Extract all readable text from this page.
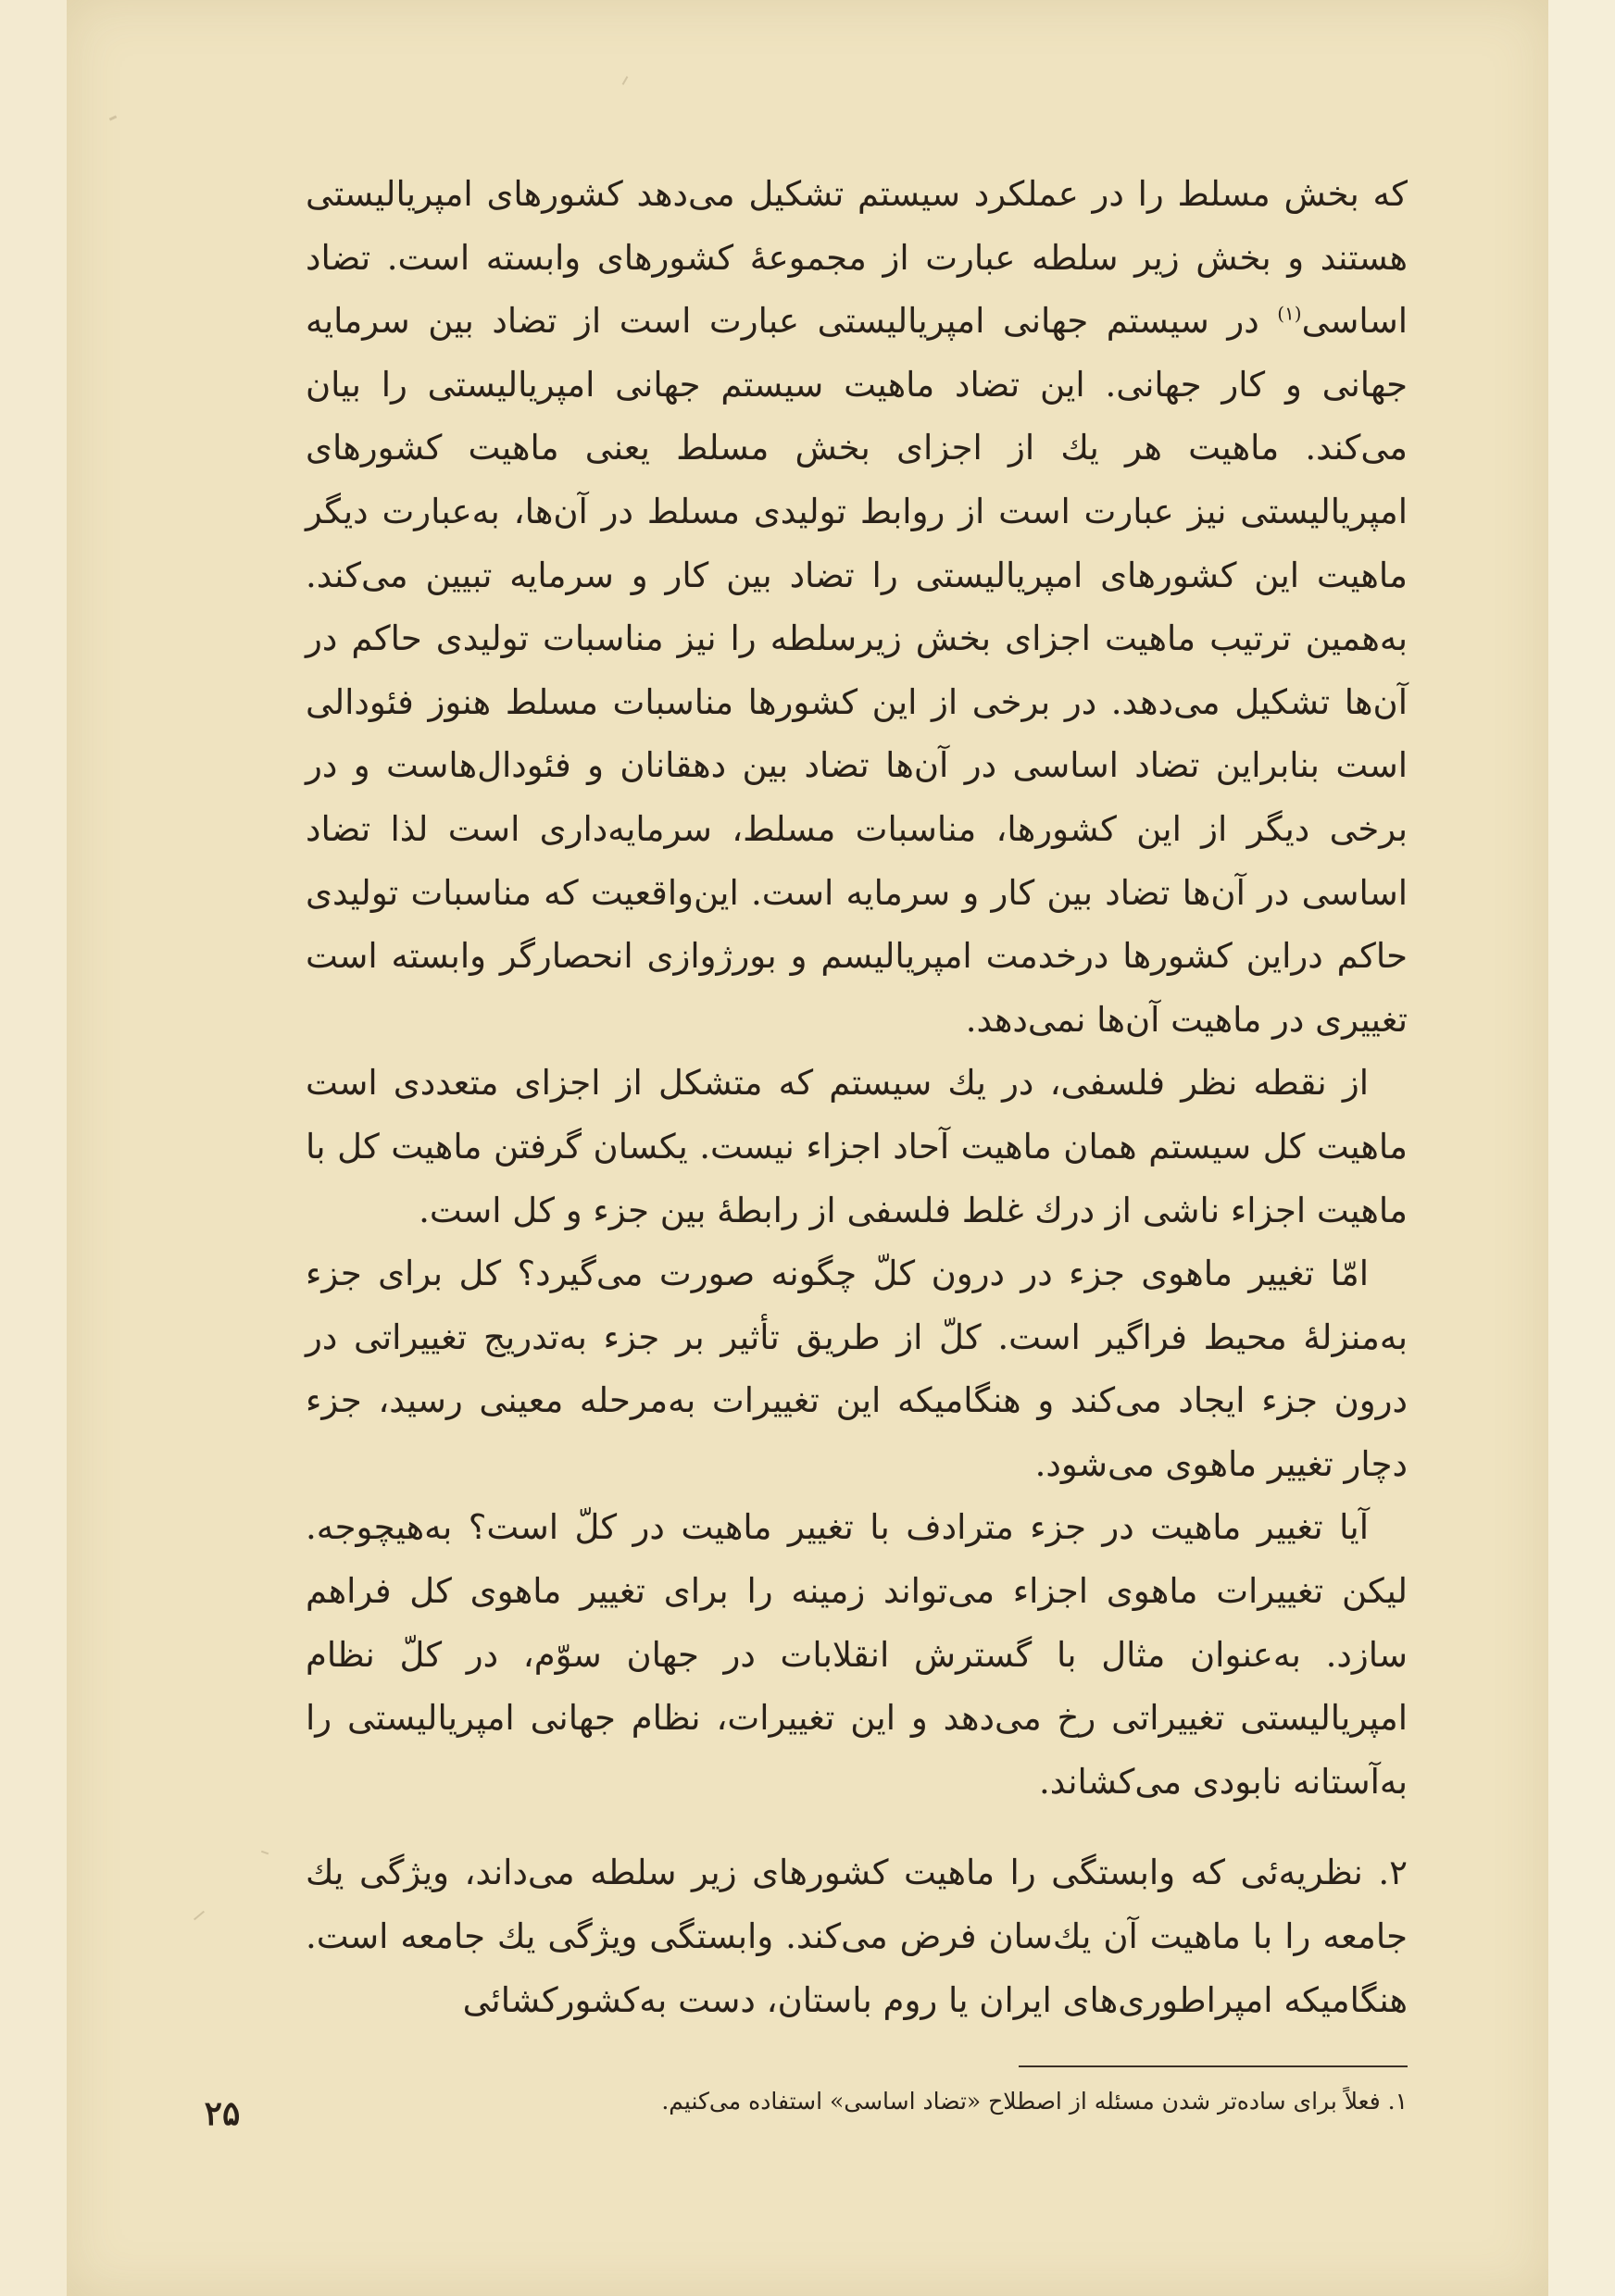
که بخش مسلط را در عملکرد سیستم تشکیل می‌دهد کشورهای امپریالیستی هستند و بخش زیر سلطه عبارت از مجموعهٔ کشورهای وابسته است. تضاد اساسی$^{(۱)}$ در سیستم جهانی امپریالیستی عبارت است از تضاد بین سرمایه جهانی و کار جهانی. این تضاد ماهیت سیستم جهانی امپریالیستی را بیان می‌کند. ماهیت هر یك از اجزای بخش مسلط یعنی ماهیت کشورهای امپریالیستی نیز عبارت است از روابط تولیدی مسلط در آن‌ها، به‌عبارت دیگر ماهیت این کشورهای امپریالیستی را تضاد بین کار و سرمایه تبیین می‌کند. به‌همین ترتیب ماهیت اجزای بخش زیرسلطه را نیز مناسبات تولیدی حاکم در آن‌ها تشکیل می‌دهد. در برخی از این کشورها مناسبات مسلط هنوز فئودالی است بنابراین تضاد اساسی در آن‌ها تضاد بین دهقانان و فئودال‌هاست و در برخی دیگر از این کشورها، مناسبات مسلط، سرمایه‌داری است لذا تضاد اساسی در آن‌ها تضاد بین کار و سرمایه است. این‌واقعیت که مناسبات تولیدی حاکم دراین کشورها درخدمت امپریالیسم و بورژوازی انحصارگر وابسته است تغییری در ماهیت آن‌ها نمی‌دهد.

از نقطه نظر فلسفی، در یك سیستم که متشکل از اجزای متعددی است ماهیت کل سیستم همان ماهیت آحاد اجزاء نیست. یکسان گرفتن ماهیت کل با ماهیت اجزاء ناشی از درك غلط فلسفی از رابطهٔ بین جزء و کل است.

امّا تغییر ماهوی جزء در درون کلّ چگونه صورت می‌گیرد؟ کل برای جزء به‌منزلهٔ محیط فراگیر است. کلّ از طریق تأثیر بر جزء به‌تدریج تغییراتی در درون جزء ایجاد می‌کند و هنگامیکه این تغییرات به‌مرحله معینی رسید، جزء دچار تغییر ماهوی می‌شود.

آیا تغییر ماهیت در جزء مترادف با تغییر ماهیت در کلّ است؟ به‌هیچوجه. لیکن تغییرات ماهوی اجزاء می‌تواند زمینه را برای تغییر ماهوی کل فراهم سازد. به‌عنوان مثال با گسترش انقلابات در جهان سوّم، در کلّ نظام امپریالیستی تغییراتی رخ می‌دهد و این تغییرات، نظام جهانی امپریالیستی را به‌آستانه نابودی می‌کشاند.

۲. نظریه‌ئی که وابستگی را ماهیت کشورهای زیر سلطه می‌داند، ویژگی یك جامعه را با ماهیت آن یك‌سان فرض می‌کند. وابستگی ویژگی یك جامعه است. هنگامیکه امپراطوری‌های ایران یا روم باستان، دست به‌کشورکشائی

۱. فعلاً برای ساده‌تر شدن مسئله از اصطلاح «تضاد اساسی» استفاده می‌کنیم.
۲۵
